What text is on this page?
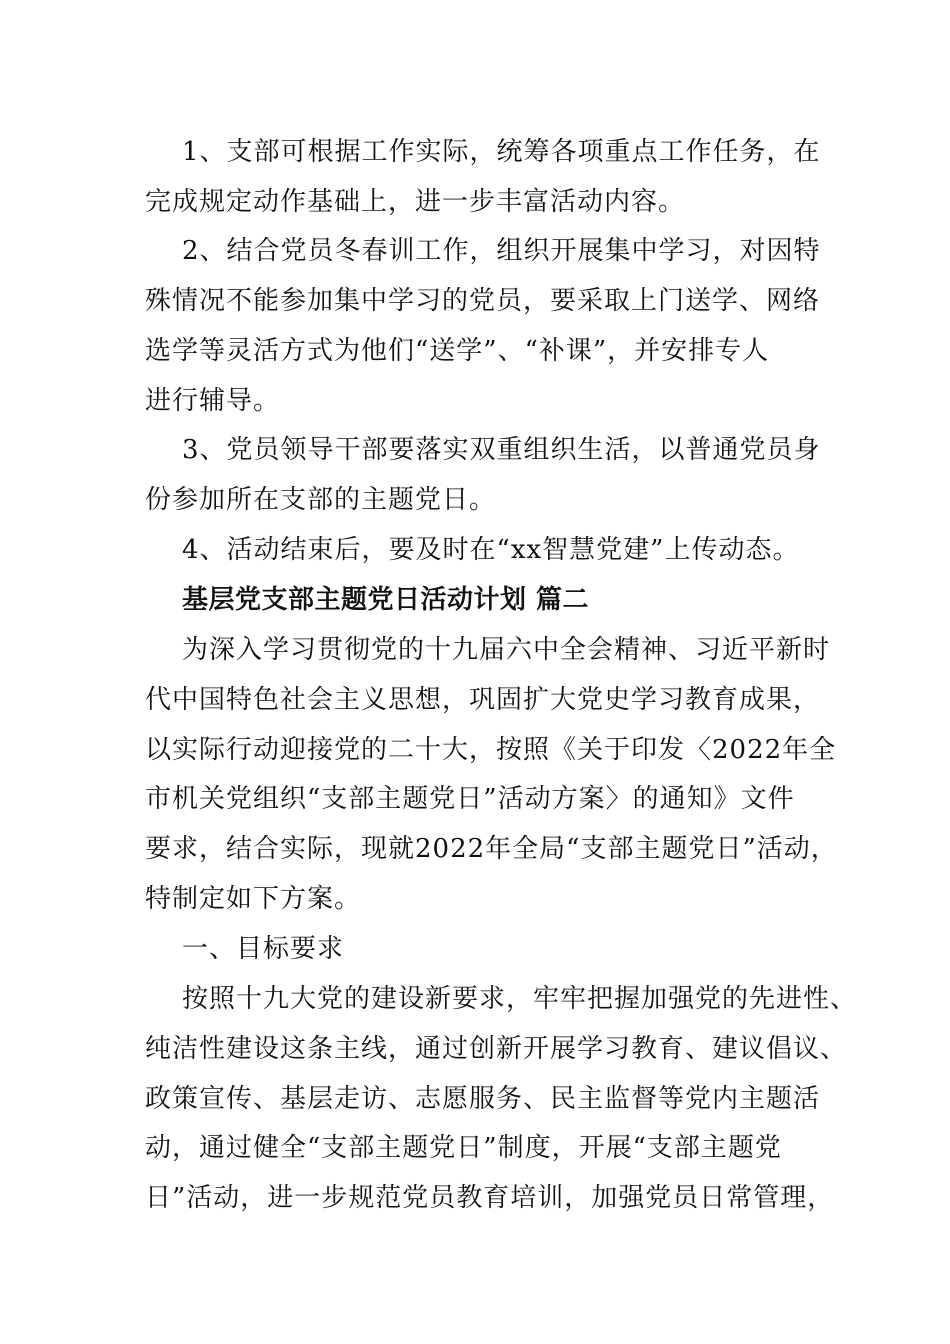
1、支部可根据工作实际，统筹各项重点工作任务，在
完成规定动作基础上，进一步丰富活动内容。
2、结合党员冬春训工作，组织开展集中学习，对因特
殊情况不能参加集中学习的党员，要采取上门送学、网络
选学等灵活方式为他们“送学”、“补课”，并安排专人
进行辅导。
3、党员领导干部要落实双重组织生活，以普通党员身
份参加所在支部的主题党日。
4、活动结束后，要及时在“xx智慧党建”上传动态。
基层党支部主题党日活动计划 篇二
为深入学习贯彻党的十九届六中全会精神、习近平新时
代中国特色社会主义思想，巩固扩大党史学习教育成果，
以实际行动迎接党的二十大，按照《关于印发〈2022年全
市机关党组织“支部主题党日”活动方案〉的通知》文件
要求，结合实际，现就2022年全局“支部主题党日”活动，
特制定如下方案。
一、目标要求
按照十九大党的建设新要求，牢牢把握加强党的先进性、
纯洁性建设这条主线，通过创新开展学习教育、建议倡议、
政策宣传、基层走访、志愿服务、民主监督等党内主题活
动，通过健全“支部主题党日”制度，开展“支部主题党
日”活动，进一步规范党员教育培训，加强党员日常管理，
